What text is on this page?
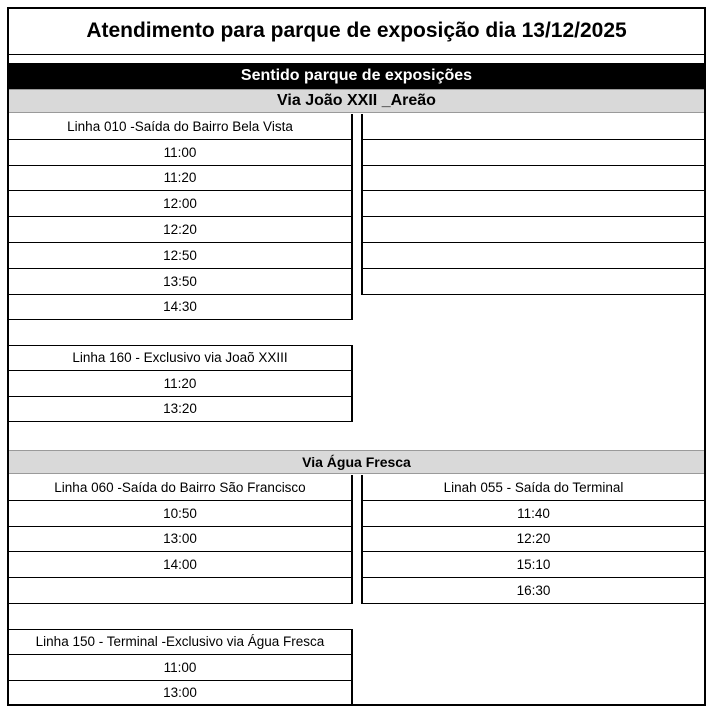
Atendimento para parque de exposição dia 13/12/2025
Sentido parque de exposições
Via João XXII _Areão
Linha 010 -Saída do Bairro Bela Vista
11:00
11:20
12:00
12:20
12:50
13:50
14:30
Linha 160 - Exclusivo via Joaõ XXIII
11:20
13:20
Via Água Fresca
Linha 060 -Saída do Bairro São Francisco
10:50
13:00
14:00
Linah 055 - Saída do Terminal
11:40
12:20
15:10
16:30
Linha 150 - Terminal -Exclusivo via Água Fresca
11:00
13:00
